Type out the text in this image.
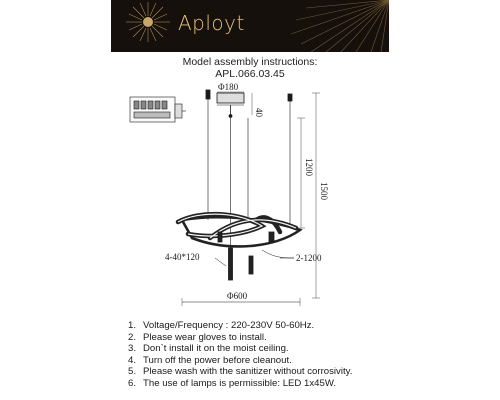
Aployt
Model assembly instructions:
APL.066.03.45
Φ180
40
1200
1500
4-40*120	2-1200
Φ600
1. Voltage/Frequency : 220-230V 50-60Hz.
2. Please wear gloves to install.
3. Don`t install it on the moist ceiling.
4. Turn off the power before cleanout.
5. Please wash with the sanitizer without corrosivity.
6. The use of lamps is permissible: LED 1x45W.
